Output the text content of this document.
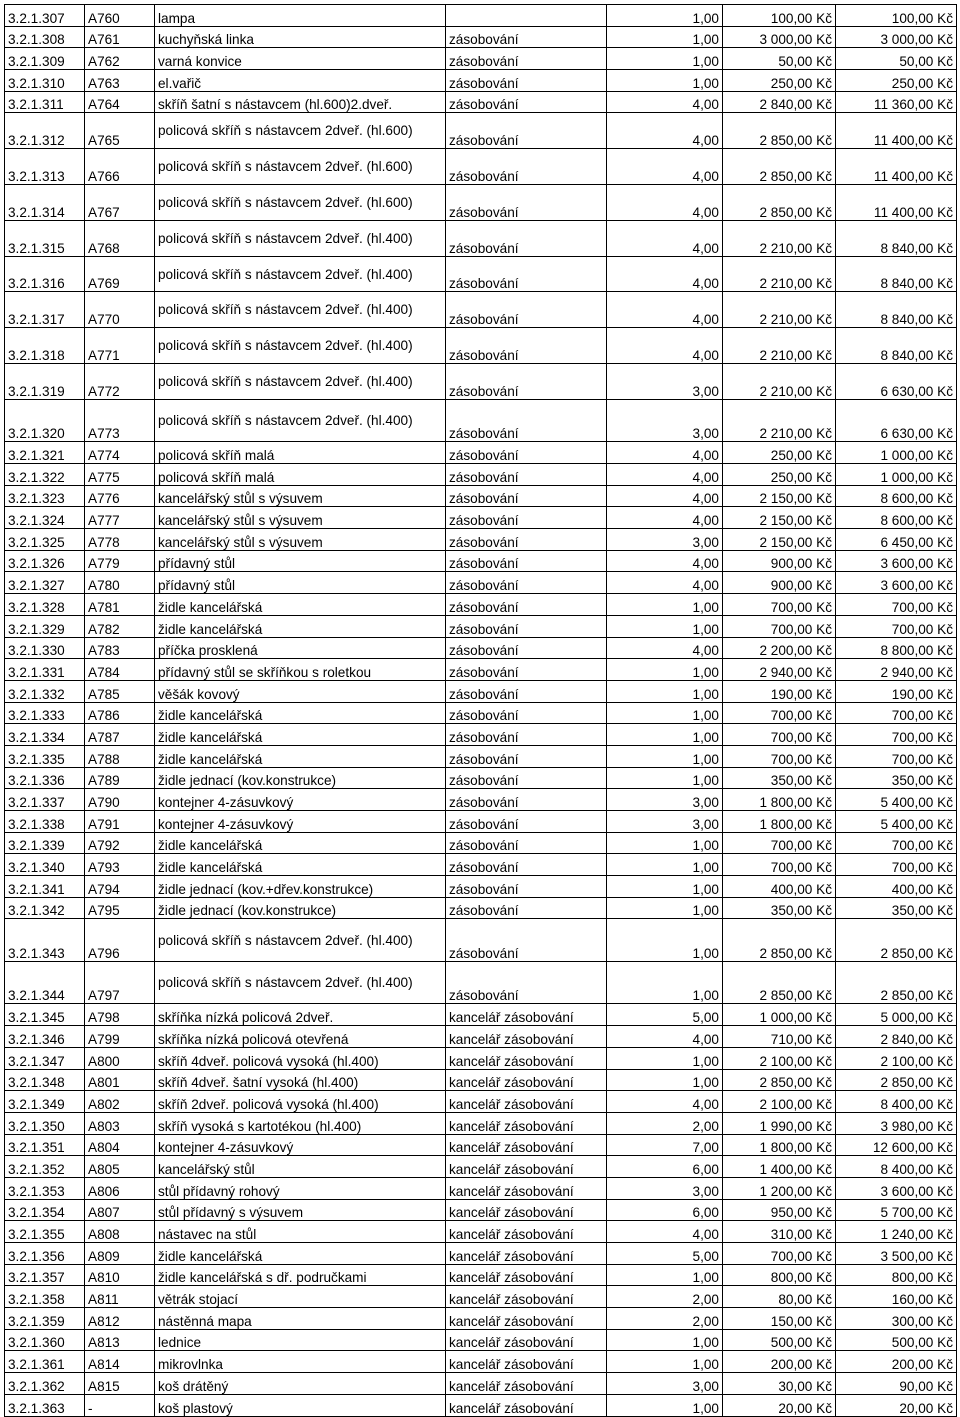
3.2.1.307	A760	lampa		1,00	100,00 Kč	100,00 Kč
3.2.1.308	A761	kuchyňská linka	zásobování	1,00	3 000,00 Kč	3 000,00 Kč
3.2.1.309	A762	varná konvice	zásobování	1,00	50,00 Kč	50,00 Kč
3.2.1.310	A763	el.vařič	zásobování	1,00	250,00 Kč	250,00 Kč
3.2.1.311	A764	skříň šatní s nástavcem (hl.600)2.dveř.	zásobování	4,00	2 840,00 Kč	11 360,00 Kč
3.2.1.312	A765	policová skříň s nástavcem 2dveř. (hl.600)	zásobování	4,00	2 850,00 Kč	11 400,00 Kč
3.2.1.313	A766	policová skříň s nástavcem 2dveř. (hl.600)	zásobování	4,00	2 850,00 Kč	11 400,00 Kč
3.2.1.314	A767	policová skříň s nástavcem 2dveř. (hl.600)	zásobování	4,00	2 850,00 Kč	11 400,00 Kč
3.2.1.315	A768	policová skříň s nástavcem 2dveř. (hl.400)	zásobování	4,00	2 210,00 Kč	8 840,00 Kč
3.2.1.316	A769	policová skříň s nástavcem 2dveř. (hl.400)	zásobování	4,00	2 210,00 Kč	8 840,00 Kč
3.2.1.317	A770	policová skříň s nástavcem 2dveř. (hl.400)	zásobování	4,00	2 210,00 Kč	8 840,00 Kč
3.2.1.318	A771	policová skříň s nástavcem 2dveř. (hl.400)	zásobování	4,00	2 210,00 Kč	8 840,00 Kč
3.2.1.319	A772	policová skříň s nástavcem 2dveř. (hl.400)	zásobování	3,00	2 210,00 Kč	6 630,00 Kč
3.2.1.320	A773	policová skříň s nástavcem 2dveř. (hl.400)	zásobování	3,00	2 210,00 Kč	6 630,00 Kč
3.2.1.321	A774	policová skříň malá	zásobování	4,00	250,00 Kč	1 000,00 Kč
3.2.1.322	A775	policová skříň malá	zásobování	4,00	250,00 Kč	1 000,00 Kč
3.2.1.323	A776	kancelářský stůl s výsuvem	zásobování	4,00	2 150,00 Kč	8 600,00 Kč
3.2.1.324	A777	kancelářský stůl s výsuvem	zásobování	4,00	2 150,00 Kč	8 600,00 Kč
3.2.1.325	A778	kancelářský stůl s výsuvem	zásobování	3,00	2 150,00 Kč	6 450,00 Kč
3.2.1.326	A779	přídavný stůl	zásobování	4,00	900,00 Kč	3 600,00 Kč
3.2.1.327	A780	přídavný stůl	zásobování	4,00	900,00 Kč	3 600,00 Kč
3.2.1.328	A781	židle kancelářská	zásobování	1,00	700,00 Kč	700,00 Kč
3.2.1.329	A782	židle kancelářská	zásobování	1,00	700,00 Kč	700,00 Kč
3.2.1.330	A783	příčka prosklená	zásobování	4,00	2 200,00 Kč	8 800,00 Kč
3.2.1.331	A784	přídavný stůl se skříňkou s roletkou	zásobování	1,00	2 940,00 Kč	2 940,00 Kč
3.2.1.332	A785	věšák kovový	zásobování	1,00	190,00 Kč	190,00 Kč
3.2.1.333	A786	židle kancelářská	zásobování	1,00	700,00 Kč	700,00 Kč
3.2.1.334	A787	židle kancelářská	zásobování	1,00	700,00 Kč	700,00 Kč
3.2.1.335	A788	židle kancelářská	zásobování	1,00	700,00 Kč	700,00 Kč
3.2.1.336	A789	židle jednací (kov.konstrukce)	zásobování	1,00	350,00 Kč	350,00 Kč
3.2.1.337	A790	kontejner 4-zásuvkový	zásobování	3,00	1 800,00 Kč	5 400,00 Kč
3.2.1.338	A791	kontejner 4-zásuvkový	zásobování	3,00	1 800,00 Kč	5 400,00 Kč
3.2.1.339	A792	židle kancelářská	zásobování	1,00	700,00 Kč	700,00 Kč
3.2.1.340	A793	židle kancelářská	zásobování	1,00	700,00 Kč	700,00 Kč
3.2.1.341	A794	židle jednací (kov.+dřev.konstrukce)	zásobování	1,00	400,00 Kč	400,00 Kč
3.2.1.342	A795	židle jednací (kov.konstrukce)	zásobování	1,00	350,00 Kč	350,00 Kč
3.2.1.343	A796	policová skříň s nástavcem 2dveř. (hl.400)	zásobování	1,00	2 850,00 Kč	2 850,00 Kč
3.2.1.344	A797	policová skříň s nástavcem 2dveř. (hl.400)	zásobování	1,00	2 850,00 Kč	2 850,00 Kč
3.2.1.345	A798	skříňka nízká policová 2dveř.	kancelář zásobování	5,00	1 000,00 Kč	5 000,00 Kč
3.2.1.346	A799	skříňka nízká policová otevřená	kancelář zásobování	4,00	710,00 Kč	2 840,00 Kč
3.2.1.347	A800	skříň 4dveř. policová vysoká (hl.400)	kancelář zásobování	1,00	2 100,00 Kč	2 100,00 Kč
3.2.1.348	A801	skříň 4dveř. šatní vysoká (hl.400)	kancelář zásobování	1,00	2 850,00 Kč	2 850,00 Kč
3.2.1.349	A802	skříň 2dveř. policová vysoká (hl.400)	kancelář zásobování	4,00	2 100,00 Kč	8 400,00 Kč
3.2.1.350	A803	skříň vysoká s kartotékou (hl.400)	kancelář zásobování	2,00	1 990,00 Kč	3 980,00 Kč
3.2.1.351	A804	kontejner 4-zásuvkový	kancelář zásobování	7,00	1 800,00 Kč	12 600,00 Kč
3.2.1.352	A805	kancelářský stůl	kancelář zásobování	6,00	1 400,00 Kč	8 400,00 Kč
3.2.1.353	A806	stůl přídavný rohový	kancelář zásobování	3,00	1 200,00 Kč	3 600,00 Kč
3.2.1.354	A807	stůl přídavný s výsuvem	kancelář zásobování	6,00	950,00 Kč	5 700,00 Kč
3.2.1.355	A808	nástavec na stůl	kancelář zásobování	4,00	310,00 Kč	1 240,00 Kč
3.2.1.356	A809	židle kancelářská	kancelář zásobování	5,00	700,00 Kč	3 500,00 Kč
3.2.1.357	A810	židle kancelářská s dř. područkami	kancelář zásobování	1,00	800,00 Kč	800,00 Kč
3.2.1.358	A811	větrák stojací	kancelář zásobování	2,00	80,00 Kč	160,00 Kč
3.2.1.359	A812	nástěnná mapa	kancelář zásobování	2,00	150,00 Kč	300,00 Kč
3.2.1.360	A813	lednice	kancelář zásobování	1,00	500,00 Kč	500,00 Kč
3.2.1.361	A814	mikrovlnka	kancelář zásobování	1,00	200,00 Kč	200,00 Kč
3.2.1.362	A815	koš drátěný	kancelář zásobování	3,00	30,00 Kč	90,00 Kč
3.2.1.363	-	koš plastový	kancelář zásobování	1,00	20,00 Kč	20,00 Kč
